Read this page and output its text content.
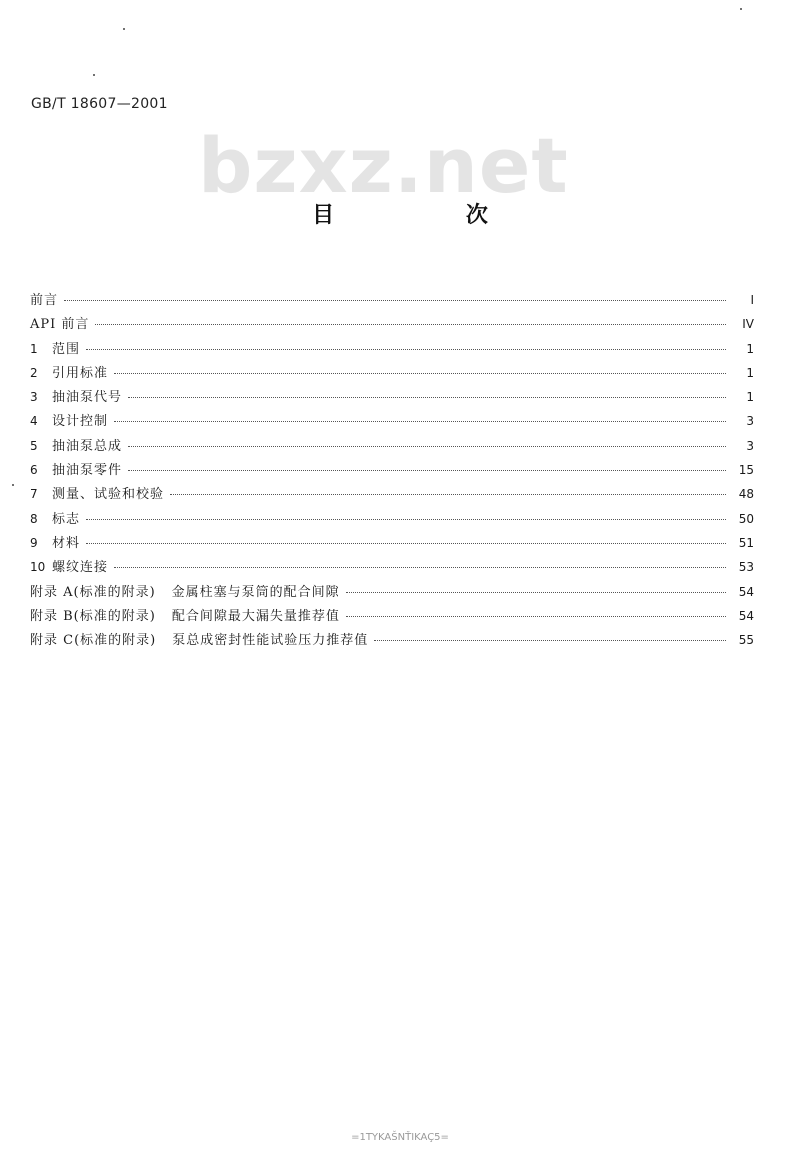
GB/T 18607—2001
bzxz.net
目 次
前言	I
API 前言	IV
1	范围	1
2	引用标准	1
3	抽油泵代号	1
4	设计控制	3
5	抽油泵总成	3
6	抽油泵零件	15
7	测量、试验和校验	48
8	标志	50
9	材料	51
10 螺纹连接	53
附录 A(标准的附录) 金属柱塞与泵筒的配合间隙	54
附录 B(标准的附录) 配合间隙最大漏失量推荐值	54
附录 C(标准的附录) 泵总成密封性能试验压力推荐值	55
=1TYKAŠNŤIKAÇ5=
